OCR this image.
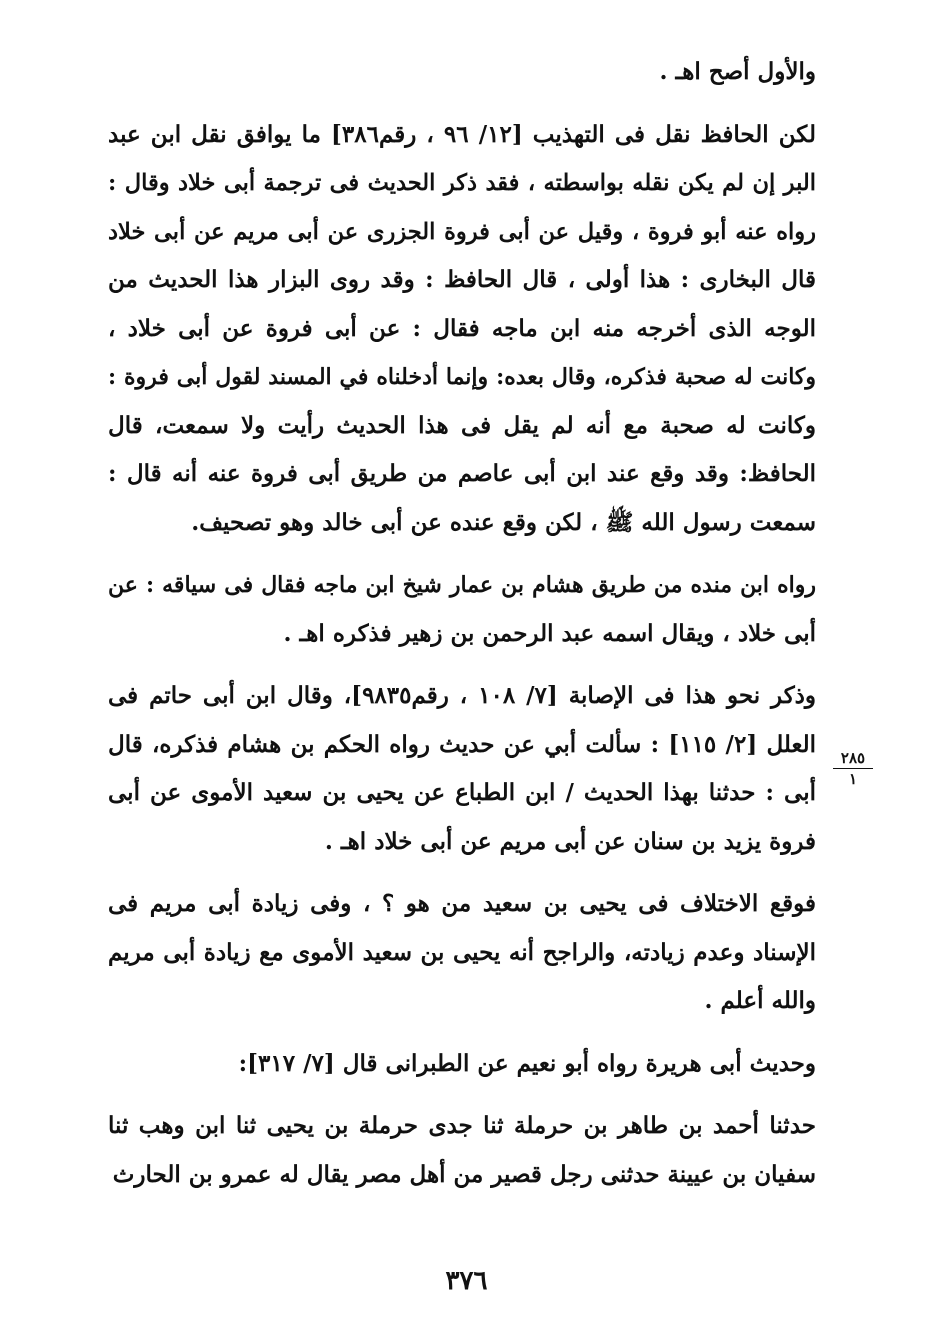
والأول أصح اهـ .
لكن الحافظ نقل فى التهذيب [١٢/ ٩٦ ، رقم٣٨٦] ما يوافق نقل ابن عبد
البر إن لم يكن نقله بواسطته ، فقد ذكر الحديث فى ترجمة أبى خلاد وقال :
رواه عنه أبو فروة ، وقيل عن أبى فروة الجزرى عن أبى مريم عن أبى خلاد
قال البخارى : هذا أولى ، قال الحافظ : وقد روى البزار هذا الحديث من
الوجه الذى أخرجه منه ابن ماجه فقال : عن أبى فروة عن أبى خلاد ،
وكانت له صحبة فذكره، وقال بعده: وإنما أدخلناه في المسند لقول أبى فروة :
وكانت له صحبة مع أنه لم يقل فى هذا الحديث رأيت ولا سمعت، قال
الحافظ: وقد وقع عند ابن أبى عاصم من طريق أبى فروة عنه أنه قال :
سمعت رسول الله ﷺ ، لكن وقع عنده عن أبى خالد وهو تصحيف.
رواه ابن منده من طريق هشام بن عمار شيخ ابن ماجه فقال فى سياقه : عن
أبى خلاد ، ويقال اسمه عبد الرحمن بن زهير فذكره اهـ .
وذكر نحو هذا فى الإصابة [٧/ ١٠٨ ، رقم٩٨٣٥]، وقال ابن أبى حاتم فى
العلل [٢/ ١١٥] : سألت أبي عن حديث رواه الحكم بن هشام فذكره، قال
أبى : حدثنا بهذا الحديث / ابن الطباع عن يحيى بن سعيد الأموى عن أبى
فروة يزيد بن سنان عن أبى مريم عن أبى خلاد اهـ .
فوقع الاختلاف فى يحيى بن سعيد من هو ؟ ، وفى زيادة أبى مريم فى
الإسناد وعدم زيادته، والراجح أنه يحيى بن سعيد الأموى مع زيادة أبى مريم
والله أعلم .
وحديث أبى هريرة رواه أبو نعيم عن الطبرانى قال [٧/ ٣١٧]:
حدثنا أحمد بن طاهر بن حرملة ثنا جدى حرملة بن يحيى ثنا ابن وهب ثنا
سفيان بن عيينة حدثنى رجل قصير من أهل مصر يقال له عمرو بن الحارث
٢٨٥
١
٣٧٦
